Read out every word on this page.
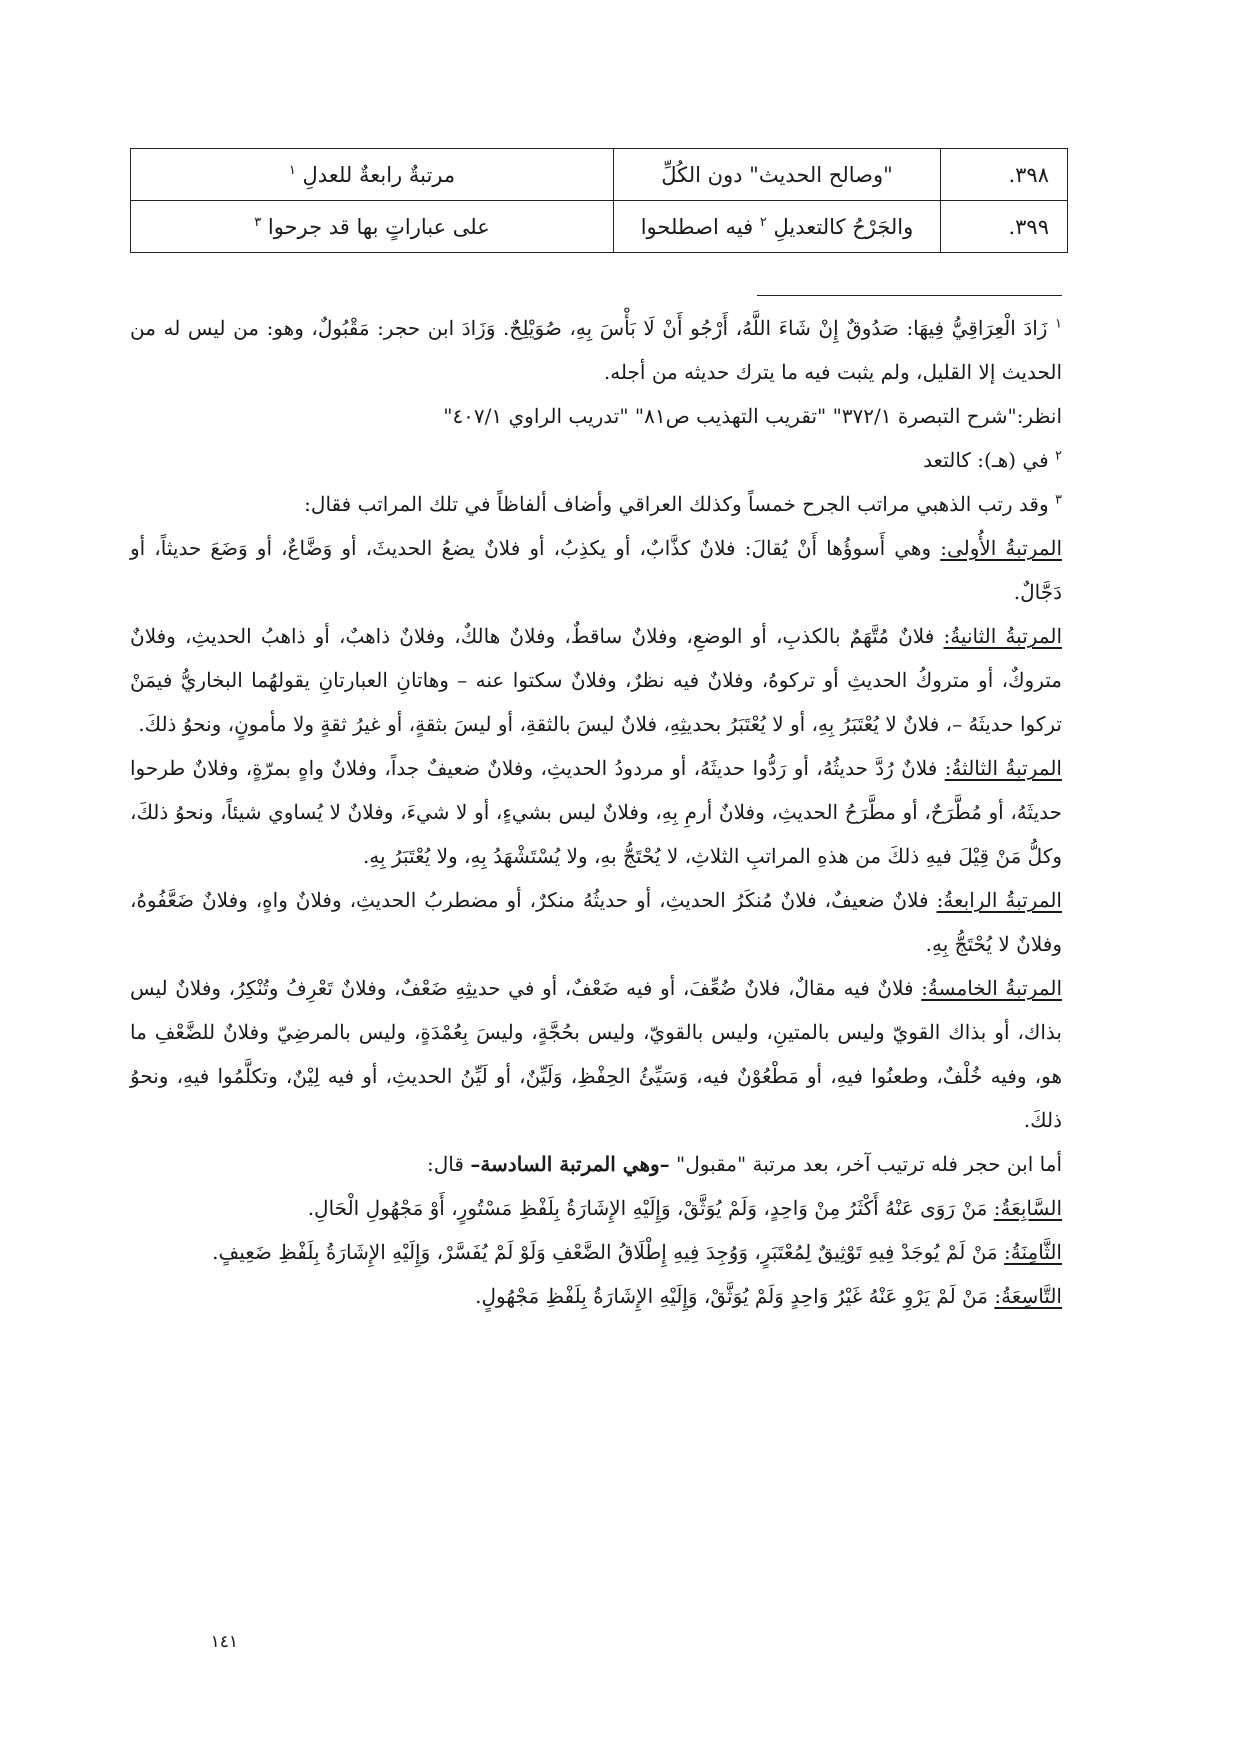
٣٩٨.	"وصالح الحديث" دون الكُلِّ	مرتبةٌ رابعةٌ للعدلِ $^١$
٣٩٩.	والجَرْحُ كالتعديلِ $^٢$ فيه اصطلحوا	على عباراتٍ بها قد جرحوا $^٣$

$^١$ زَادَ الْعِرَاقِيُّ فِيهَا: صَدُوقٌ إِنْ شَاءَ اللَّهُ، أَرْجُو أَنْ لَا بَأْسَ بِهِ، صُوَيْلِحٌ. وَزَادَ ابن حجر: مَقْبُولٌ، وهو: من ليس له من الحديث إلا القليل، ولم يثبت فيه ما يترك حديثه من أجله.

انظر:"شرح التبصرة ٣٧٢/١" "تقريب التهذيب ص٨١" "تدريب الراوي ٤٠٧/١"

$^٢$ في (هـ): كالتعد

$^٣$ وقد رتب الذهبي مراتب الجرح خمساً وكذلك العراقي وأضاف ألفاظاً في تلك المراتب فقال:

المرتبةُ الأُولى: وهي أَسوؤُها أَنْ يُقالَ: فلانٌ كذَّابٌ، أو يكذِبُ، أو فلانٌ يضعُ الحديثَ، أو وَضَّاعٌ، أو وَضَعَ حديثاً، أو دَجَّالٌ.

المرتبةُ الثانيةُ: فلانٌ مُتَّهَمٌ بالكذبِ، أو الوضعِ، وفلانٌ ساقطٌ، وفلانٌ هالكٌ، وفلانٌ ذاهبٌ، أو ذاهبُ الحديثِ، وفلانٌ متروكٌ، أو متروكُ الحديثِ أو تركوهُ، وفلانٌ فيه نظرٌ، وفلانٌ سكتوا عنه – وهاتانِ العبارتانِ يقولهُما البخاريُّ فيمَنْ تركوا حديثَهُ –، فلانٌ لا يُعْتَبَرُ بِهِ، أو لا يُعْتَبَرُ بحديثِهِ، فلانٌ ليسَ بالثقةِ، أو ليسَ بثقةٍ، أو غيرُ ثقةٍ ولا مأمونٍ، ونحوُ ذلكَ.

المرتبةُ الثالثةُ: فلانٌ رُدَّ حديثُهُ، أو رَدُّوا حديثَهُ، أو مردودُ الحديثِ، وفلانٌ ضعيفٌ جداً، وفلانٌ واهٍ بمرّةٍ، وفلانٌ طرحوا حديثَهُ، أو مُطَّرَحٌ، أو مطَّرَحُ الحديثِ، وفلانٌ أرمِ بِهِ، وفلانٌ ليس بشيءٍ، أو لا شيءَ، وفلانٌ لا يُساوي شيئاً، ونحوُ ذلكَ، وكلُّ مَنْ قِيْلَ فيهِ ذلكَ من هذهِ المراتبِ الثلاثِ، لا يُحْتَجُّ بهِ، ولا يُسْتَشْهَدُ بِهِ، ولا يُعْتَبَرُ بِهِ.

المرتبةُ الرابعةُ: فلانٌ ضعيفٌ، فلانٌ مُنكَرُ الحديثِ، أو حديثُهُ منكرٌ، أو مضطربُ الحديثِ، وفلانٌ واهٍ، وفلانٌ ضَعَّفُوهُ، وفلانٌ لا يُحْتَجُّ بِهِ.

المرتبةُ الخامسةُ: فلانٌ فيه مقالٌ، فلانٌ ضُعِّفَ، أو فيه ضَعْفٌ، أو في حديثِهِ ضَعْفٌ، وفلانٌ تَعْرِفُ وتُنْكِرُ، وفلانٌ ليس بذاك، أو بذاك القويّ وليس بالمتينِ، وليس بالقويّ، وليس بحُجَّةٍ، وليسَ بِعُمْدَةٍ، وليس بالمرضِيّ وفلانٌ للضَّعْفِ ما هو، وفيه خُلْفٌ، وطعنُوا فيهِ، أو مَطْعُوْنٌ فيه، وَسَيِّئُ الحِفْظِ، وَلَيِّنٌ، أو لَيِّنُ الحديثِ، أو فيه لِيْنٌ، وتكلَّمُوا فيهِ، ونحوُ ذلكَ.

أما ابن حجر فله ترتيب آخر، بعد مرتبة "مقبول" –وهي المرتبة السادسة– قال:

السَّابِعَةُ: مَنْ رَوَى عَنْهُ أَكْثَرُ مِنْ وَاحِدٍ، وَلَمْ يُوَثَّقْ، وَإِلَيْهِ الإِشَارَةُ بِلَفْظِ مَسْتُورٍ، أَوْ مَجْهُولِ الْحَالِ.

الثَّامِنَةُ: مَنْ لَمْ يُوجَدْ فِيهِ تَوْثِيقٌ لِمُعْتَبَرٍ، وَوُجِدَ فِيهِ إِطْلَاقُ الضَّعْفِ وَلَوْ لَمْ يُفَسَّرْ، وَإِلَيْهِ الإِشَارَةُ بِلَفْظِ ضَعِيفٍ.

التَّاسِعَةُ: مَنْ لَمْ يَرْوِ عَنْهُ غَيْرُ وَاحِدٍ وَلَمْ يُوَثَّقْ، وَإِلَيْهِ الإِشَارَةُ بِلَفْظِ مَجْهُولٍ.

١٤١
